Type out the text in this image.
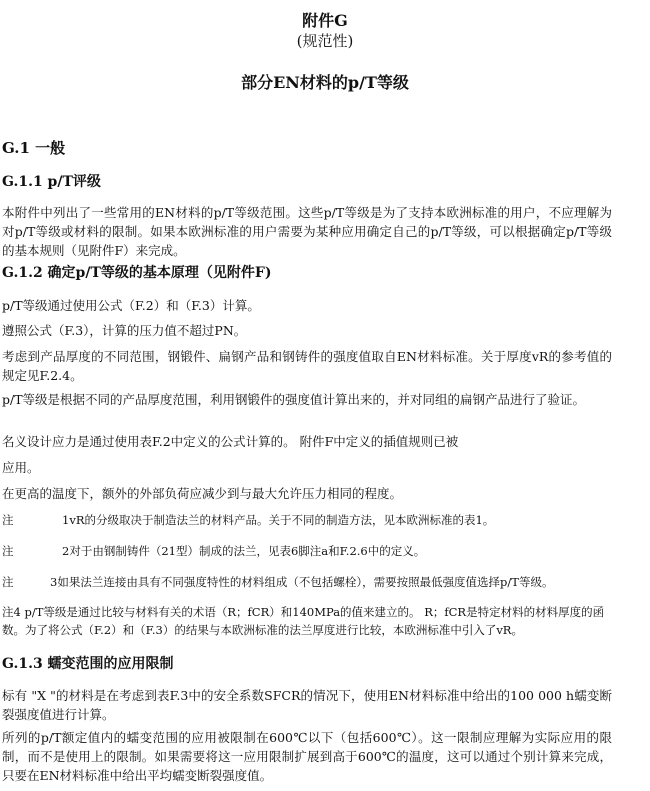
附件G
(规范性)
部分EN材料的p/T等级
G.1 一般
G.1.1 p/T评级
本附件中列出了一些常用的EN材料的p/T等级范围。这些p/T等级是为了支持本欧洲标准的用户，不应理解为对p/T等级或材料的限制。如果本欧洲标准的用户需要为某种应用确定自己的p/T等级，可以根据确定p/T等级的基本规则（见附件F）来完成。
G.1.2 确定p/T等级的基本原理（见附件F)
p/T等级通过使用公式（F.2）和（F.3）计算。
遵照公式（F.3），计算的压力值不超过PN。
考虑到产品厚度的不同范围，钢锻件、扁钢产品和钢铸件的强度值取自EN材料标准。关于厚度vR的参考值的规定见F.2.4。
p/T等级是根据不同的产品厚度范围，利用钢锻件的强度值计算出来的，并对同组的扁钢产品进行了验证。
名义设计应力是通过使用表F.2中定义的公式计算的。 附件F中定义的插值规则已被
应用。
在更高的温度下，额外的外部负荷应减少到与最大允许压力相同的程度。
注	1vR的分级取决于制造法兰的材料产品。关于不同的制造方法，见本欧洲标准的表1。
注	2对于由钢制铸件（21型）制成的法兰，见表6脚注a和F.2.6中的定义。
注	3如果法兰连接由具有不同强度特性的材料组成（不包括螺栓），需要按照最低强度值选择p/T等级。
注4 p/T等级是通过比较与材料有关的术语（R；fCR）和140MPa的值来建立的。 R；fCR是特定材料的材料厚度的函数。为了将公式（F.2）和（F.3）的结果与本欧洲标准的法兰厚度进行比较，本欧洲标准中引入了vR。
G.1.3 蠕变范围的应用限制
标有 "X "的材料是在考虑到表F.3中的安全系数SFCR的情况下，使用EN材料标准中给出的100 000 h蠕变断裂强度值进行计算。
所列的p/T额定值内的蠕变范围的应用被限制在600℃以下（包括600℃）。这一限制应理解为实际应用的限制，而不是使用上的限制。如果需要将这一应用限制扩展到高于600℃的温度，这可以通过个别计算来完成，只要在EN材料标准中给出平均蠕变断裂强度值。
